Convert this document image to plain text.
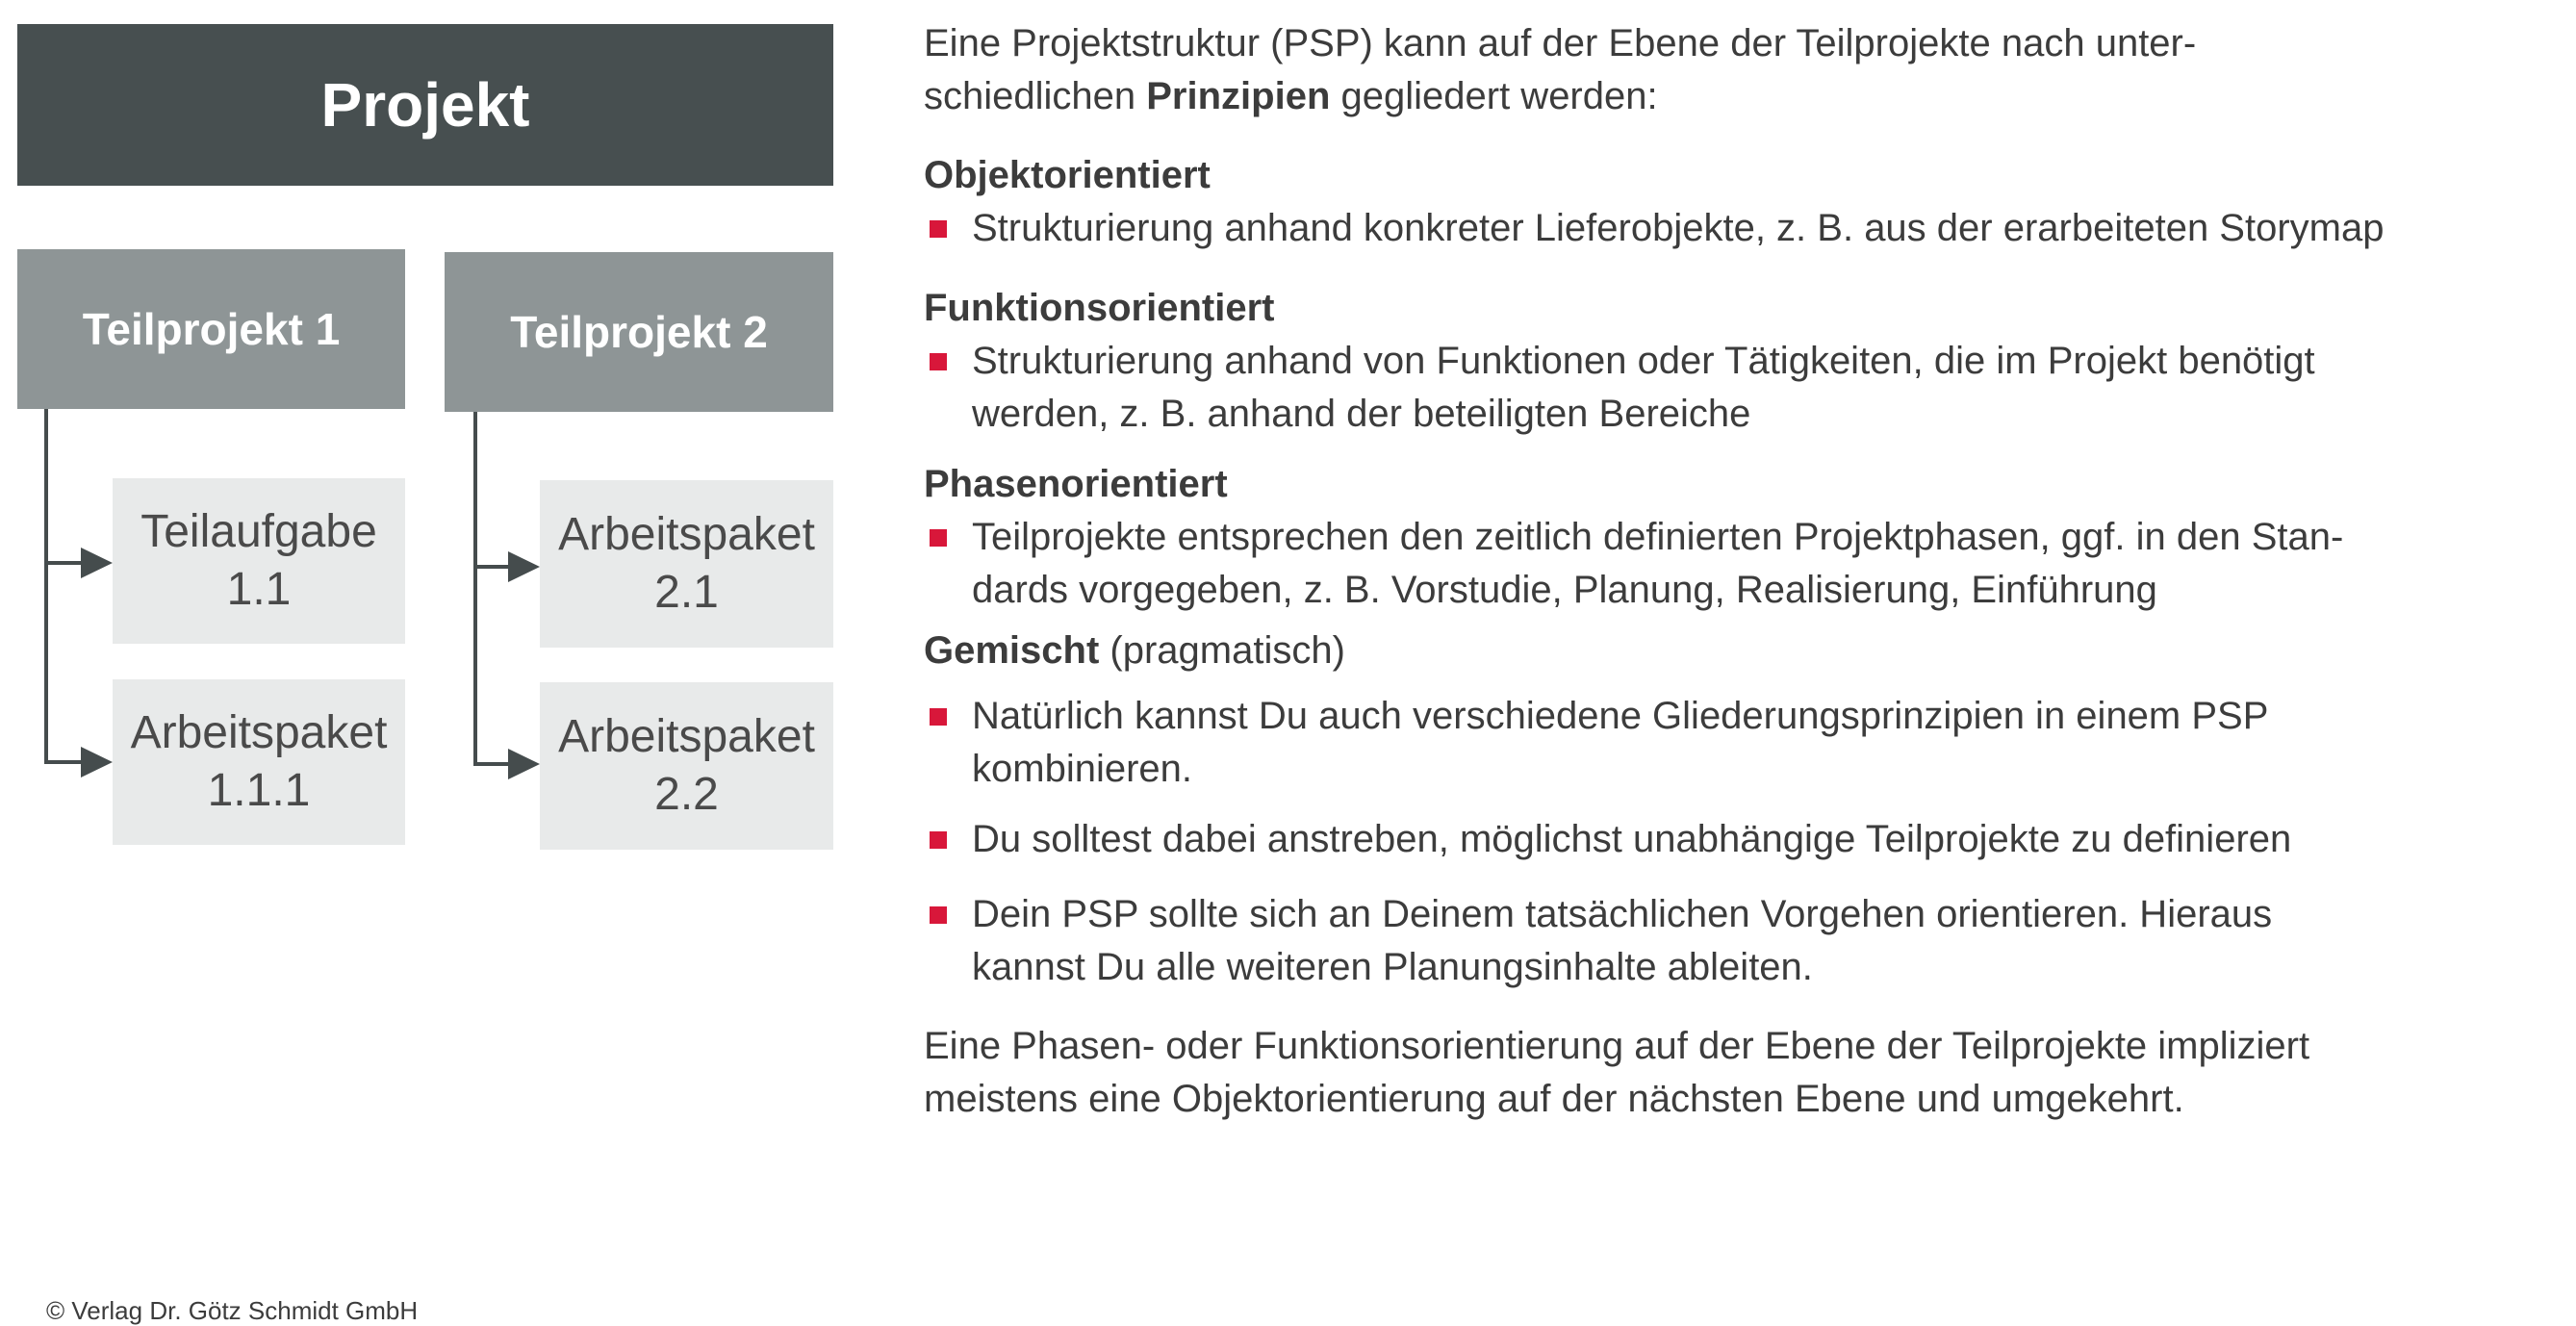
Projekt
Teilprojekt 1	Teilprojekt 2
Teilaufgabe
1.1
Arbeitspaket
1.1.1
Arbeitspaket
2.1
Arbeitspaket
2.2

Eine Projektstruktur (PSP) kann auf der Ebene der Teilprojekte nach unter-

schiedlichen Prinzipien gegliedert werden:

Objektorientiert

Strukturierung anhand konkreter Lieferobjekte, z. B. aus der erarbeiteten Storymap

Funktionsorientiert

Strukturierung anhand von Funktionen oder Tätigkeiten, die im Projekt benötigt
werden, z. B. anhand der beteiligten Bereiche

Phasenorientiert

Teilprojekte entsprechen den zeitlich definierten Projektphasen, ggf. in den Stan-
dards vorgegeben, z. B. Vorstudie, Planung, Realisierung, Einführung

Gemischt (pragmatisch)

Natürlich kannst Du auch verschiedene Gliederungsprinzipien in einem PSP
kombinieren.
Du solltest dabei anstreben, möglichst unabhängige Teilprojekte zu definieren
Dein PSP sollte sich an Deinem tatsächlichen Vorgehen orientieren. Hieraus
kannst Du alle weiteren Planungsinhalte ableiten.

Eine Phasen- oder Funktionsorientierung auf der Ebene der Teilprojekte impliziert

meistens eine Objektorientierung auf der nächsten Ebene und umgekehrt.

© Verlag Dr. Götz Schmidt GmbH
